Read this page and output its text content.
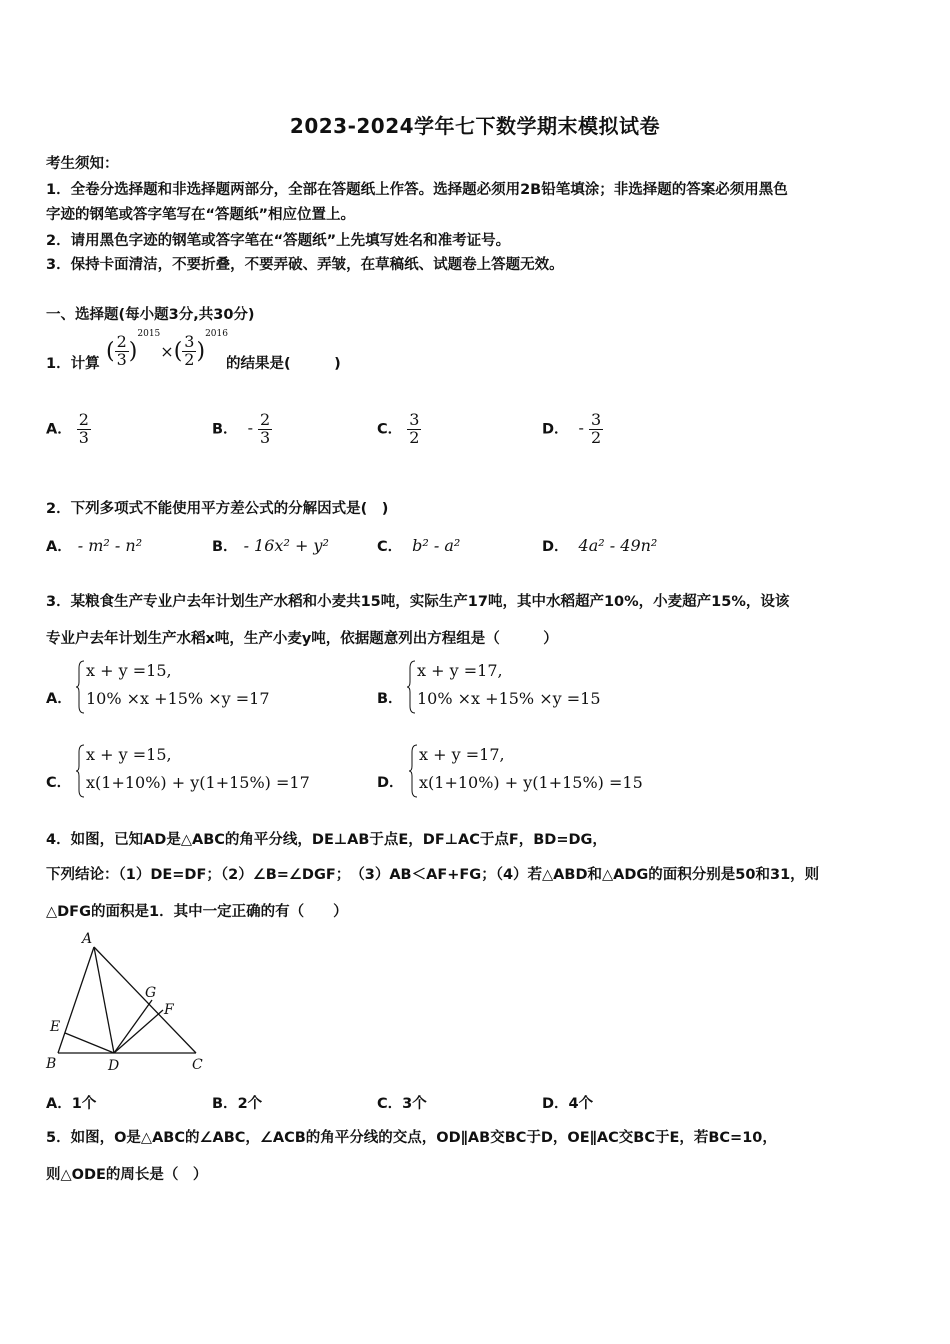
2023-2024学年七下数学期末模拟试卷
考生须知：
1．全卷分选择题和非选择题两部分，全部在答题纸上作答。选择题必须用2B铅笔填涂；非选择题的答案必须用黑色
字迹的钢笔或答字笔写在“答题纸”相应位置上。
2．请用黑色字迹的钢笔或答字笔在“答题纸”上先填写姓名和准考证号。
3．保持卡面清洁，不要折叠，不要弄破、弄皱，在草稿纸、试题卷上答题无效。
一、选择题(每小题3分,共30分)
1．计算 ( $\frac{2}{3} )^{2015}\times( \frac{3}{2} )^{2016}$
的结果是(　　　)
A． $\frac{2}{3}$	B． - $\frac{2}{3}$	C． $\frac{3}{2}$	D． - $\frac{3}{2}$
2．下列多项式不能使用平方差公式的分解因式是(　)
A． - m² - n²	B． - 16x² + y²	C． b² - a²	D． 4a² - 49n²
3．某粮食生产专业户去年计划生产水稻和小麦共15吨，实际生产17吨，其中水稻超产10%，小麦超产15%，设该
专业户去年计划生产水稻x吨，生产小麦y吨，依据题意列出方程组是（　　　）
A．
x + y =15,
10% ×x +15% ×y =17	B．
x + y =17,
10% ×x +15% ×y =15
C．
x + y =15,
x(1+10%) + y(1+15%) =17	D．
x + y =17,
x(1+10%) + y(1+15%) =15
4．如图，已知AD是△ABC的角平分线，DE⊥AB于点E，DF⊥AC于点F，BD=DG，
下列结论：（1）DE=DF；（2）∠B=∠DGF；　（3）AB＜AF+FG；（4）若△ABD和△ADG的面积分别是50和31，则
△DFG的面积是1．其中一定正确的有（　　）
A
B	C
D
E
F
G
A．1个	B．2个	C．3个	D．4个
5．如图，O是△ABC的∠ABC，∠ACB的角平分线的交点，OD∥AB交BC于D，OE∥AC交BC于E，若BC=10，
则△ODE的周长是（　）
